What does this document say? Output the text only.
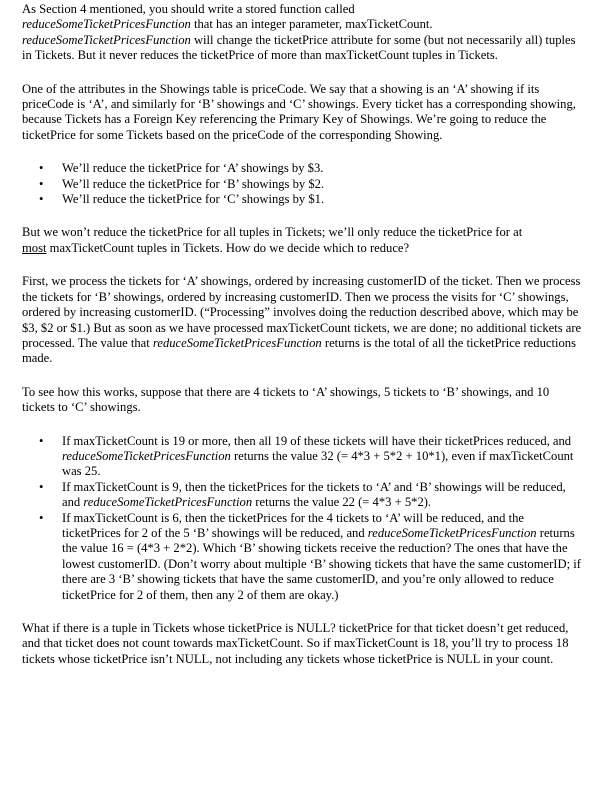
As Section 4 mentioned, you should write a stored function called
reduceSomeTicketPricesFunction that has an integer parameter, maxTicketCount.
reduceSomeTicketPricesFunction will change the ticketPrice attribute for some (but not necessarily all) tuples in Tickets. But it never reduces the ticketPrice of more than maxTicketCount tuples in Tickets.

One of the attributes in the Showings table is priceCode. We say that a showing is an ‘A’ showing if its priceCode is ‘A’, and similarly for ‘B’ showings and ‘C’ showings. Every ticket has a corresponding showing, because Tickets has a Foreign Key referencing the Primary Key of Showings. We’re going to reduce the ticketPrice for some Tickets based on the priceCode of the corresponding Showing.

• We’ll reduce the ticketPrice for ‘A’ showings by $3.
• We’ll reduce the ticketPrice for ‘B’ showings by $2.
• We’ll reduce the ticketPrice for ‘C’ showings by $1.

But we won’t reduce the ticketPrice for all tuples in Tickets; we’ll only reduce the ticketPrice for at
most maxTicketCount tuples in Tickets. How do we decide which to reduce?

First, we process the tickets for ‘A’ showings, ordered by increasing customerID of the ticket. Then we process the tickets for ‘B’ showings, ordered by increasing customerID. Then we process the visits for ‘C’ showings, ordered by increasing customerID. (“Processing” involves doing the reduction described above, which may be $3, $2 or $1.) But as soon as we have processed maxTicketCount tickets, we are done; no additional tickets are processed. The value that reduceSomeTicketPricesFunction returns is the total of all the ticketPrice reductions made.

To see how this works, suppose that there are 4 tickets to ‘A’ showings, 5 tickets to ‘B’ showings, and 10 tickets to ‘C’ showings.

• If maxTicketCount is 19 or more, then all 19 of these tickets will have their ticketPrices reduced, and reduceSomeTicketPricesFunction returns the value 32 (= 4*3 + 5*2 + 10*1), even if maxTicketCount was 25.
• If maxTicketCount is 9, then the ticketPrices for the tickets to ‘A’ and ‘B’ showings will be reduced, and reduceSomeTicketPricesFunction returns the value 22 (= 4*3 + 5*2).
• If maxTicketCount is 6, then the ticketPrices for the 4 tickets to ‘A’ will be reduced, and the ticketPrices for 2 of the 5 ‘B’ showings will be reduced, and reduceSomeTicketPricesFunction returns the value 16 = (4*3 + 2*2). Which ‘B’ showing tickets receive the reduction? The ones that have the lowest customerID. (Don’t worry about multiple ‘B’ showing tickets that have the same customerID; if there are 3 ‘B’ showing tickets that have the same customerID, and you’re only allowed to reduce ticketPrice for 2 of them, then any 2 of them are okay.)

What if there is a tuple in Tickets whose ticketPrice is NULL? ticketPrice for that ticket doesn’t get reduced, and that ticket does not count towards maxTicketCount. So if maxTicketCount is 18, you’ll try to process 18 tickets whose ticketPrice isn’t NULL, not including any tickets whose ticketPrice is NULL in your count.
